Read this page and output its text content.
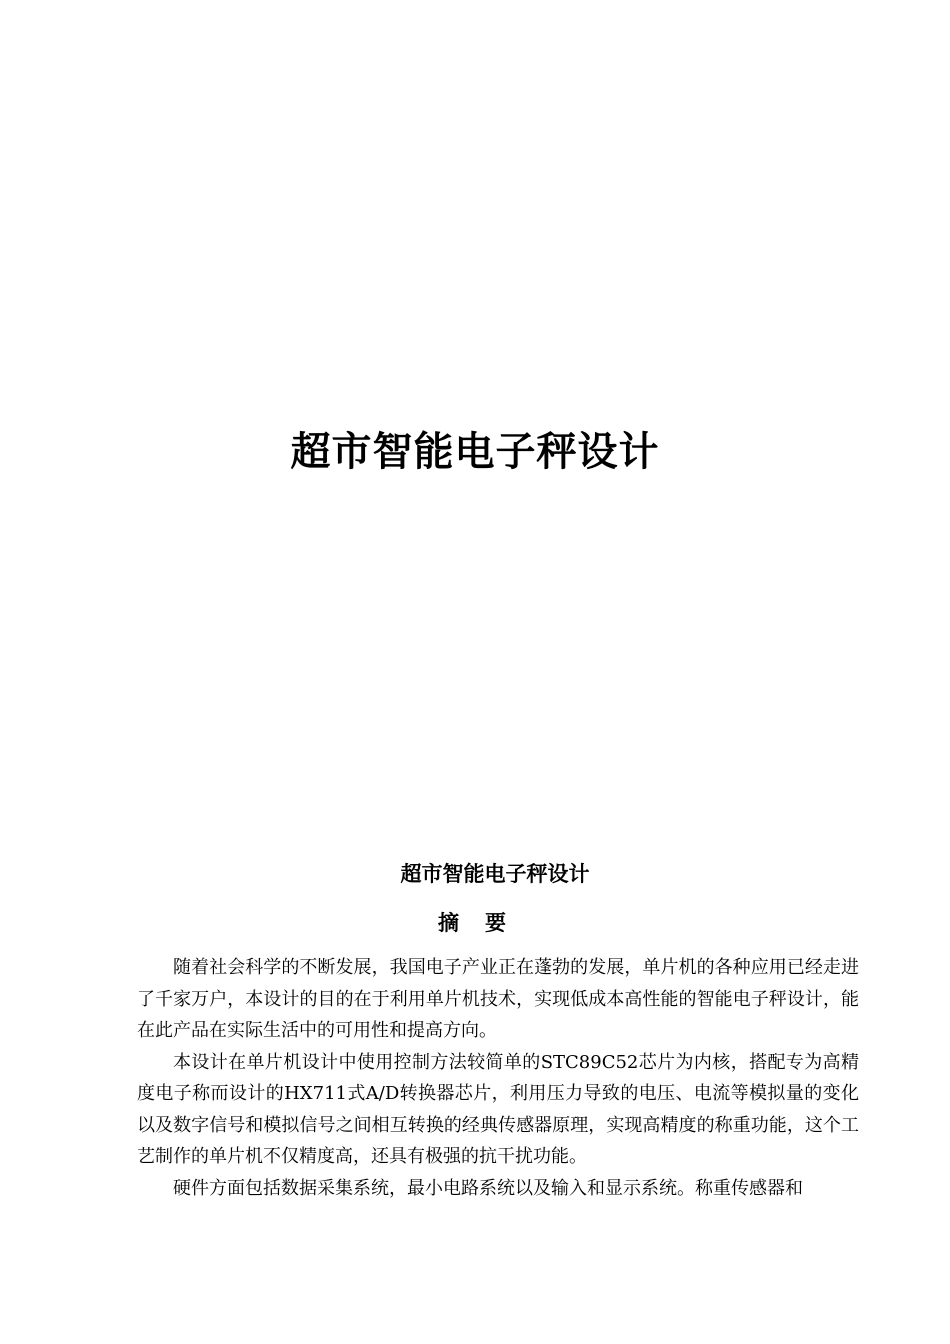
超市智能电子秤设计
超市智能电子秤设计
摘要

随着社会科学的不断发展，我国电子产业正在蓬勃的发展，单片机的各种应用已经走进了千家万户，本设计的目的在于利用单片机技术，实现低成本高性能的智能电子秤设计，能在此产品在实际生活中的可用性和提高方向。

本设计在单片机设计中使用控制方法较简单的STC89C52芯片为内核，搭配专为高精度电子称而设计的HX711式A/D转换器芯片，利用压力导致的电压、电流等模拟量的变化以及数字信号和模拟信号之间相互转换的经典传感器原理，实现高精度的称重功能，这个工艺制作的单片机不仅精度高，还具有极强的抗干扰功能。

硬件方面包括数据采集系统，最小电路系统以及输入和显示系统。称重传感器和
